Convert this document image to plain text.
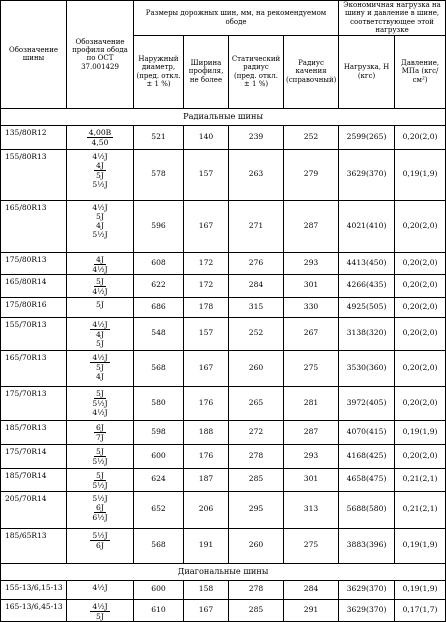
Обозначение шины	Обозначение профиля обода по ОСТ 37.001429	Размеры дорожных шин, мм, на рекомендуемом ободе				Экономичная нагрузка на шину и давление в шине, соответствующее этой нагрузке	
		Наружный диаметр, (пред. откл. ± 1 %)	Ширина профиля, не более	Статический радиус (пред. откл. ± 1 %)	Радиус качения (справочный)	Нагрузка, Н (кгс)	Давление, МПа (кгс/см²)
Радиальные шины							
135/80R12	4,00B
4,50	521	140	239	252	2599(265)	0,20(2,0)
155/80R13	4½J
4J
5J
5½J	578	157	263	279	3629(370)	0,19(1,9)
165/80R13	4½J
5J
4J
5½J	596	167	271	287	4021(410)	0,20(2,0)
175/80R13	4J
4½J	608	172	276	293	4413(450)	0,20(2,0)
165/80R14	5J
4½J	622	172	284	301	4266(435)	0,20(2,0)
175/80R16	5J	686	178	315	330	4925(505)	0,20(2,0)
155/70R13	4½J
4J
5J	548	157	252	267	3138(320)	0,20(2,0)
165/70R13	4½J
5J
4J	568	167	260	275	3530(360)	0,20(2,0)
175/70R13	5J
5½J
4½J	580	176	265	281	3972(405)	0,20(2,0)
185/70R13	6J
7J	598	188	272	287	4070(415)	0,19(1,9)
175/70R14	5J
5½J	600	176	278	293	4168(425)	0,20(2,0)
185/70R14	5J
5½J	624	187	285	301	4658(475)	0,21(2,1)
205/70R14	5½J
6J
6½J	652	206	295	313	5688(580)	0,21(2,1)
185/65R13	5½J
6J	568	191	260	275	3883(396)	0,19(1,9)
Диагональные шины							
155-13/6,15-13	4½J	600	158	278	284	3629(370)	0,19(1,9)
165-13/6,45-13	4½J
5J	610	167	285	291	3629(370)	0,17(1,7)
